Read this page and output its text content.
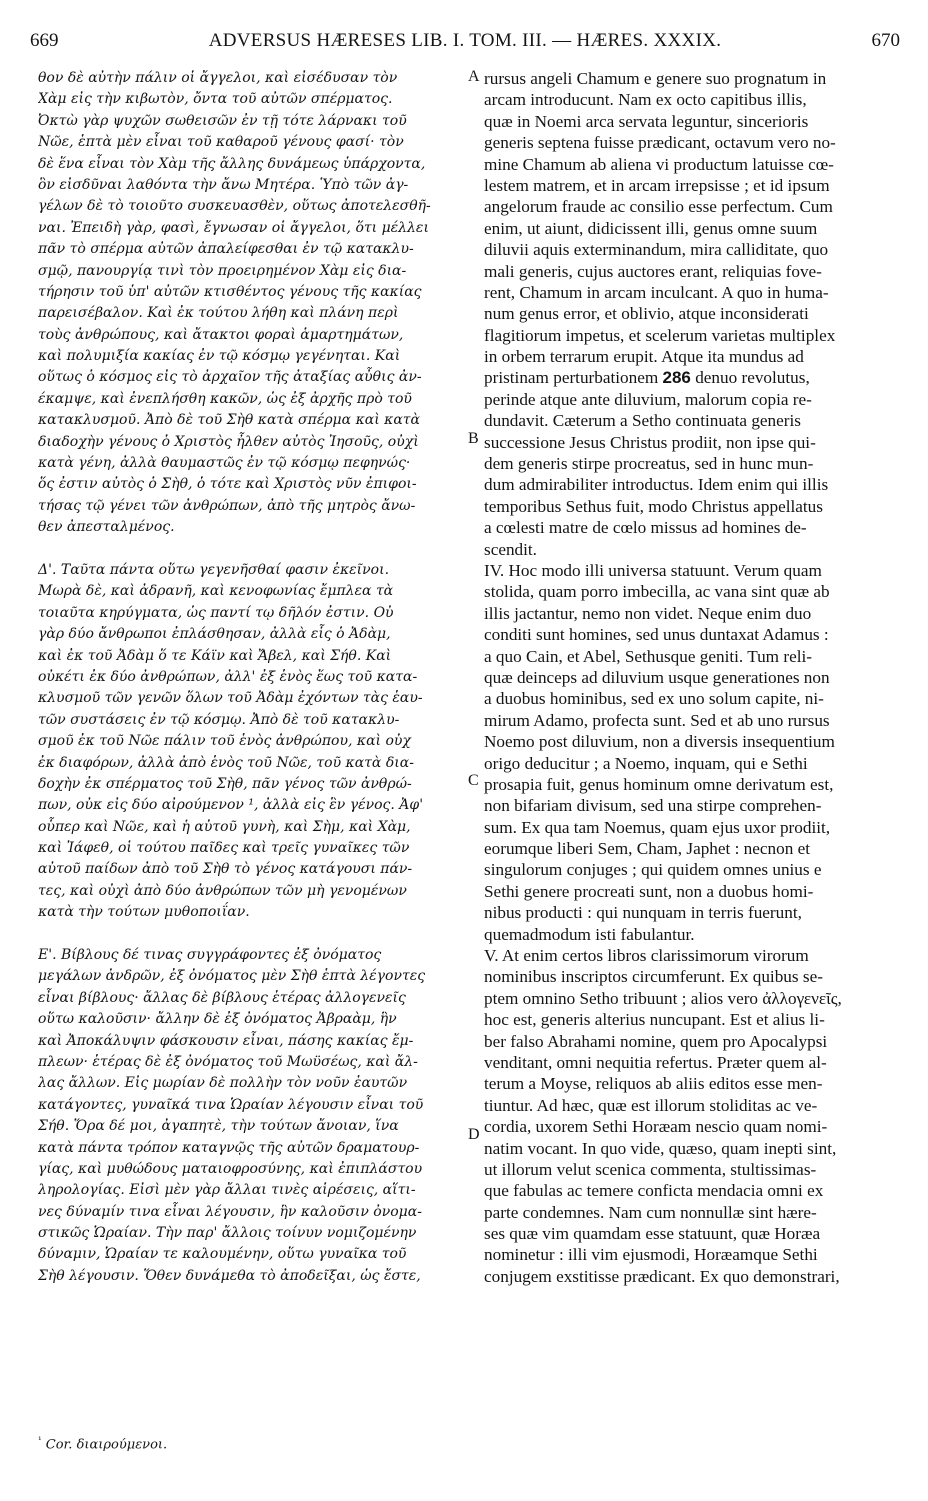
669	ADVERSUS HÆRESES LIB. I. TOM. III. — HÆRES. XXXIX.	670
θον δὲ αὐτὴν πάλιν οἱ ἄγγελοι, καὶ εἰσέδυσαν τὸν
Χὰμ εἰς τὴν κιβωτὸν, ὄντα τοῦ αὐτῶν σπέρματος.
Ὀκτὼ γὰρ ψυχῶν σωθεισῶν ἐν τῇ τότε λάρνακι τοῦ
Νῶε, ἑπτὰ μὲν εἶναι τοῦ καθαροῦ γένους φασί· τὸν
δὲ ἕνα εἶναι τὸν Χὰμ τῆς ἄλλης δυνάμεως ὑπάρχοντα,
ὃν εἰσδῦναι λαθόντα τὴν ἄνω Μητέρα. Ὑπὸ τῶν ἀγ-
γέλων δὲ τὸ τοιοῦτο συσκευασθὲν, οὕτως ἀποτελεσθῆ-
ναι. Ἐπειδὴ γὰρ, φασὶ, ἔγνωσαν οἱ ἄγγελοι, ὅτι μέλλει
πᾶν τὸ σπέρμα αὐτῶν ἀπαλείφεσθαι ἐν τῷ κατακλυ-
σμῷ, πανουργίᾳ τινὶ τὸν προειρημένον Χὰμ εἰς δια-
τήρησιν τοῦ ὑπ' αὐτῶν κτισθέντος γένους τῆς κακίας
παρεισέβαλον. Καὶ ἐκ τούτου λήθη καὶ πλάνη περὶ
τοὺς ἀνθρώπους, καὶ ἄτακτοι φοραὶ ἁμαρτημάτων,
καὶ πολυμιξία κακίας ἐν τῷ κόσμῳ γεγένηται. Καὶ
οὕτως ὁ κόσμος εἰς τὸ ἀρχαῖον τῆς ἀταξίας αὖθις ἀν-
έκαμψε, καὶ ἐνεπλήσθη κακῶν, ὡς ἐξ ἀρχῆς πρὸ τοῦ
κατακλυσμοῦ. Ἀπὸ δὲ τοῦ Σὴθ κατὰ σπέρμα καὶ κατὰ
διαδοχὴν γένους ὁ Χριστὸς ἦλθεν αὐτὸς Ἰησοῦς, οὐχὶ
κατὰ γένη, ἀλλὰ θαυμαστῶς ἐν τῷ κόσμῳ πεφηνώς·
ὅς ἐστιν αὐτὸς ὁ Σὴθ, ὁ τότε καὶ Χριστὸς νῦν ἐπιφοι-
τήσας τῷ γένει τῶν ἀνθρώπων, ἀπὸ τῆς μητρὸς ἄνω-
θεν ἀπεσταλμένος.
Δ'. Ταῦτα πάντα οὕτω γεγενῆσθαί φασιν ἐκεῖνοι.
Μωρὰ δὲ, καὶ ἀδρανῆ, καὶ κενοφωνίας ἔμπλεα τὰ
τοιαῦτα κηρύγματα, ὡς παντί τῳ δῆλόν ἐστιν. Οὐ
γὰρ δύο ἄνθρωποι ἐπλάσθησαν, ἀλλὰ εἷς ὁ Ἀδὰμ,
καὶ ἐκ τοῦ Ἀδὰμ ὅ τε Κάϊν καὶ Ἄβελ, καὶ Σήθ. Καὶ
οὐκέτι ἐκ δύο ἀνθρώπων, ἀλλ' ἐξ ἑνὸς ἕως τοῦ κατα-
κλυσμοῦ τῶν γενῶν ὅλων τοῦ Ἀδὰμ ἐχόντων τὰς ἑαυ-
τῶν συστάσεις ἐν τῷ κόσμῳ. Ἀπὸ δὲ τοῦ κατακλυ-
σμοῦ ἐκ τοῦ Νῶε πάλιν τοῦ ἑνὸς ἀνθρώπου, καὶ οὐχ
ἐκ διαφόρων, ἀλλὰ ἀπὸ ἑνὸς τοῦ Νῶε, τοῦ κατὰ δια-
δοχὴν ἐκ σπέρματος τοῦ Σὴθ, πᾶν γένος τῶν ἀνθρώ-
πων, οὐκ εἰς δύο αἰρούμενον ¹, ἀλλὰ εἰς ἓν γένος. Ἀφ'
οὗπερ καὶ Νῶε, καὶ ἡ αὐτοῦ γυνὴ, καὶ Σὴμ, καὶ Χὰμ,
καὶ Ἰάφεθ, οἱ τούτου παῖδες καὶ τρεῖς γυναῖκες τῶν
αὐτοῦ παίδων ἀπὸ τοῦ Σὴθ τὸ γένος κατάγουσι πάν-
τες, καὶ οὐχὶ ἀπὸ δύο ἀνθρώπων τῶν μὴ γενομένων
κατὰ τὴν τούτων μυθοποιΐαν.
Ε'. Βίβλους δέ τινας συγγράφοντες ἐξ ὀνόματος
μεγάλων ἀνδρῶν, ἐξ ὀνόματος μὲν Σὴθ ἑπτὰ λέγοντες
εἶναι βίβλους· ἄλλας δὲ βίβλους ἑτέρας ἀλλογενεῖς
οὕτω καλοῦσιν· ἄλλην δὲ ἐξ ὀνόματος Ἀβραὰμ, ἣν
καὶ Ἀποκάλυψιν φάσκουσιν εἶναι, πάσης κακίας ἔμ-
πλεων· ἑτέρας δὲ ἐξ ὀνόματος τοῦ Μωϋσέως, καὶ ἄλ-
λας ἄλλων. Εἰς μωρίαν δὲ πολλὴν τὸν νοῦν ἑαυτῶν
κατάγοντες, γυναῖκά τινα Ὡραίαν λέγουσιν εἶναι τοῦ
Σήθ. Ὅρα δέ μοι, ἀγαπητὲ, τὴν τούτων ἄνοιαν, ἵνα
κατὰ πάντα τρόπον καταγνῷς τῆς αὐτῶν δραματουρ-
γίας, καὶ μυθώδους ματαιοφροσύνης, καὶ ἐπιπλάστου
ληρολογίας. Εἰσὶ μὲν γὰρ ἄλλαι τινὲς αἱρέσεις, αἵτι-
νες δύναμίν τινα εἶναι λέγουσιν, ἣν καλοῦσιν ὀνομα-
στικῶς Ὡραίαν. Τὴν παρ' ἄλλοις τοίνυν νομιζομένην
δύναμιν, Ὡραίαν τε καλουμένην, οὕτω γυναῖκα τοῦ
Σὴθ λέγουσιν. Ὅθεν δυνάμεθα τὸ ἀποδεῖξαι, ὡς ἔστε,
rursus angeli Chamum e genere suo prognatum in
arcam introducunt. Nam ex octo capitibus illis,
quæ in Noemi arca servata leguntur, sincerioris
generis septena fuisse prædicant, octavum vero no-
mine Chamum ab aliena vi productum latuisse cœ-
lestem matrem, et in arcam irrepsisse ; et id ipsum
angelorum fraude ac consilio esse perfectum. Cum
enim, ut aiunt, didicissent illi, genus omne suum
diluvii aquis exterminandum, mira calliditate, quo
mali generis, cujus auctores erant, reliquias fove-
rent, Chamum in arcam inculcant. A quo in huma-
num genus error, et oblivio, atque inconsiderati
flagitiorum impetus, et scelerum varietas multiplex
in orbem terrarum erupit. Atque ita mundus ad
pristinam perturbationem 286 denuo revolutus,
perinde atque ante diluvium, malorum copia re-
dundavit. Cæterum a Setho continuata generis
successione Jesus Christus prodiit, non ipse qui-
dem generis stirpe procreatus, sed in hunc mun-
dum admirabiliter introductus. Idem enim qui illis
temporibus Sethus fuit, modo Christus appellatus
a cœlesti matre de cœlo missus ad homines de-
scendit.
IV. Hoc modo illi universa statuunt. Verum quam
stolida, quam porro imbecilla, ac vana sint quæ ab
illis jactantur, nemo non videt. Neque enim duo
conditi sunt homines, sed unus duntaxat Adamus :
a quo Cain, et Abel, Sethusque geniti. Tum reli-
quæ deinceps ad diluvium usque generationes non
a duobus hominibus, sed ex uno solum capite, ni-
mirum Adamo, profecta sunt. Sed et ab uno rursus
Noemo post diluvium, non a diversis insequentium
origo deducitur ; a Noemo, inquam, qui e Sethi
prosapia fuit, genus hominum omne derivatum est,
non bifariam divisum, sed una stirpe comprehen-
sum. Ex qua tam Noemus, quam ejus uxor prodiit,
eorumque liberi Sem, Cham, Japhet : necnon et
singulorum conjuges ; qui quidem omnes unius e
Sethi genere procreati sunt, non a duobus homi-
nibus producti : qui nunquam in terris fuerunt,
quemadmodum isti fabulantur.
V. At enim certos libros clarissimorum virorum
nominibus inscriptos circumferunt. Ex quibus se-
ptem omnino Setho tribuunt ; alios vero ἀλλογενεῖς,
hoc est, generis alterius nuncupant. Est et alius li-
ber falso Abrahami nomine, quem pro Apocalypsi
venditant, omni nequitia refertus. Præter quem al-
terum a Moyse, reliquos ab aliis editos esse men-
tiuntur. Ad hæc, quæ est illorum stoliditas ac ve-
cordia, uxorem Sethi Horæam nescio quam nomi-
natim vocant. In quo vide, quæso, quam inepti sint,
ut illorum velut scenica commenta, stultissimas-
que fabulas ac temere conficta mendacia omni ex
parte condemnes. Nam cum nonnullæ sint hære-
ses quæ vim quamdam esse statuunt, quæ Horæa
nominetur : illi vim ejusmodi, Horæamque Sethi
conjugem exstitisse prædicant. Ex quo demonstrari,
A
B
C
D
$^{^1}$ Cor. διαιρούμενοι.
